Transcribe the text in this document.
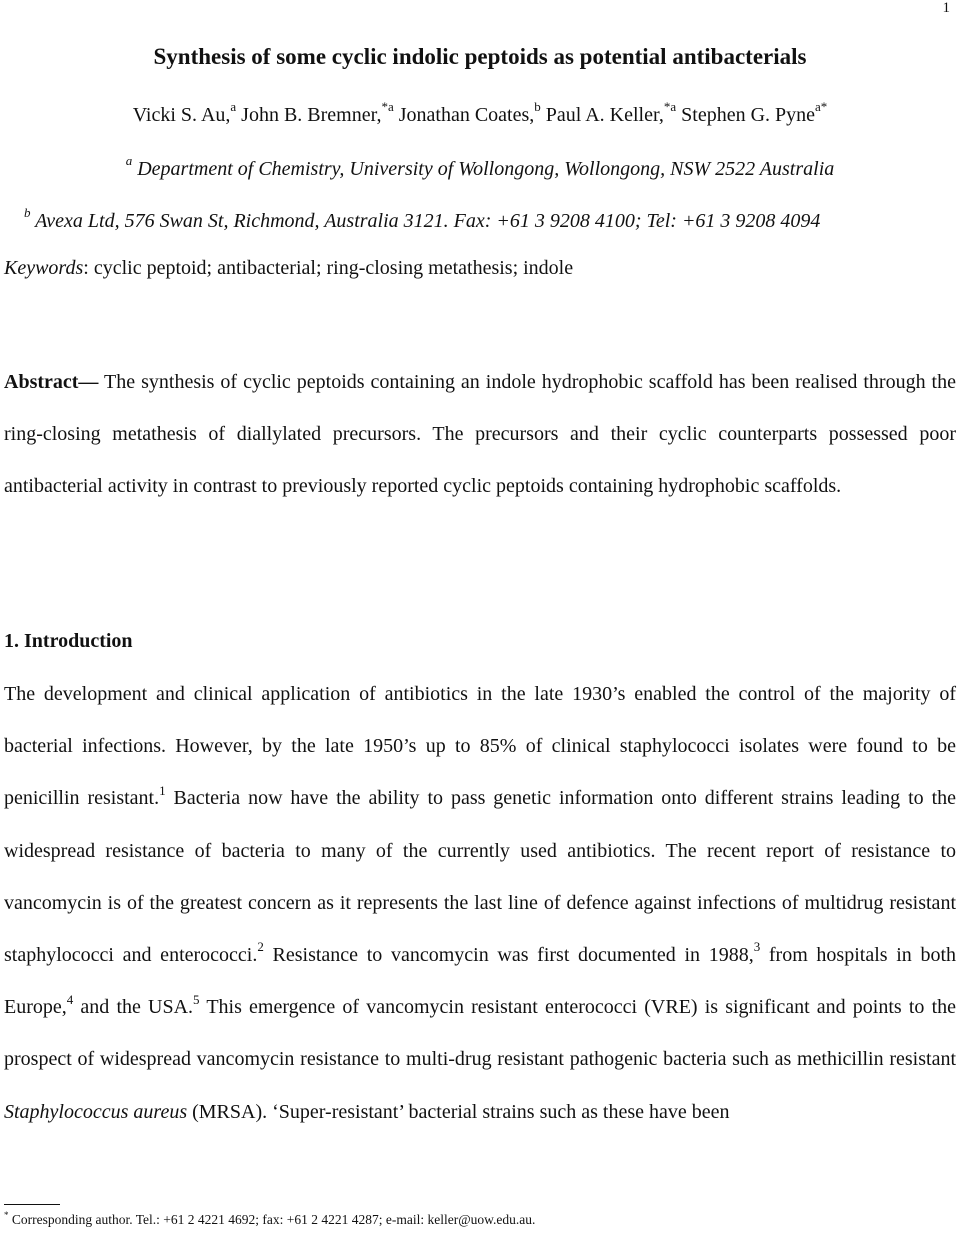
1
Synthesis of some cyclic indolic peptoids as potential antibacterials
Vicki S. Au,$^a$ John B. Bremner,$^{*a}$ Jonathan Coates,$^b$ Paul A. Keller,$^{*a}$ Stephen G. Pyne$^{a*}$
$^a$ Department of Chemistry, University of Wollongong, Wollongong, NSW 2522 Australia
$^b$ Avexa Ltd, 576 Swan St, Richmond, Australia 3121. Fax: +61 3 9208 4100; Tel: +61 3 9208 4094
Keywords: cyclic peptoid; antibacterial; ring-closing metathesis; indole
Abstract— The synthesis of cyclic peptoids containing an indole hydrophobic scaffold has been realised through the ring-closing metathesis of diallylated precursors. The precursors and their cyclic counterparts possessed poor antibacterial activity in contrast to previously reported cyclic peptoids containing hydrophobic scaffolds.
1. Introduction
The development and clinical application of antibiotics in the late 1930’s enabled the control of the majority of bacterial infections. However, by the late 1950’s up to 85% of clinical staphylococci isolates were found to be penicillin resistant.$^1$ Bacteria now have the ability to pass genetic information onto different strains leading to the widespread resistance of bacteria to many of the currently used antibiotics. The recent report of resistance to vancomycin is of the greatest concern as it represents the last line of defence against infections of multidrug resistant staphylococci and enterococci.$^2$ Resistance to vancomycin was first documented in 1988,$^3$ from hospitals in both Europe,$^4$ and the USA.$^5$ This emergence of vancomycin resistant enterococci (VRE) is significant and points to the prospect of widespread vancomycin resistance to multi-drug resistant pathogenic bacteria such as methicillin resistant Staphylococcus aureus (MRSA). ‘Super-resistant’ bacterial strains such as these have been
* Corresponding author. Tel.: +61 2 4221 4692; fax: +61 2 4221 4287; e-mail: keller@uow.edu.au.
